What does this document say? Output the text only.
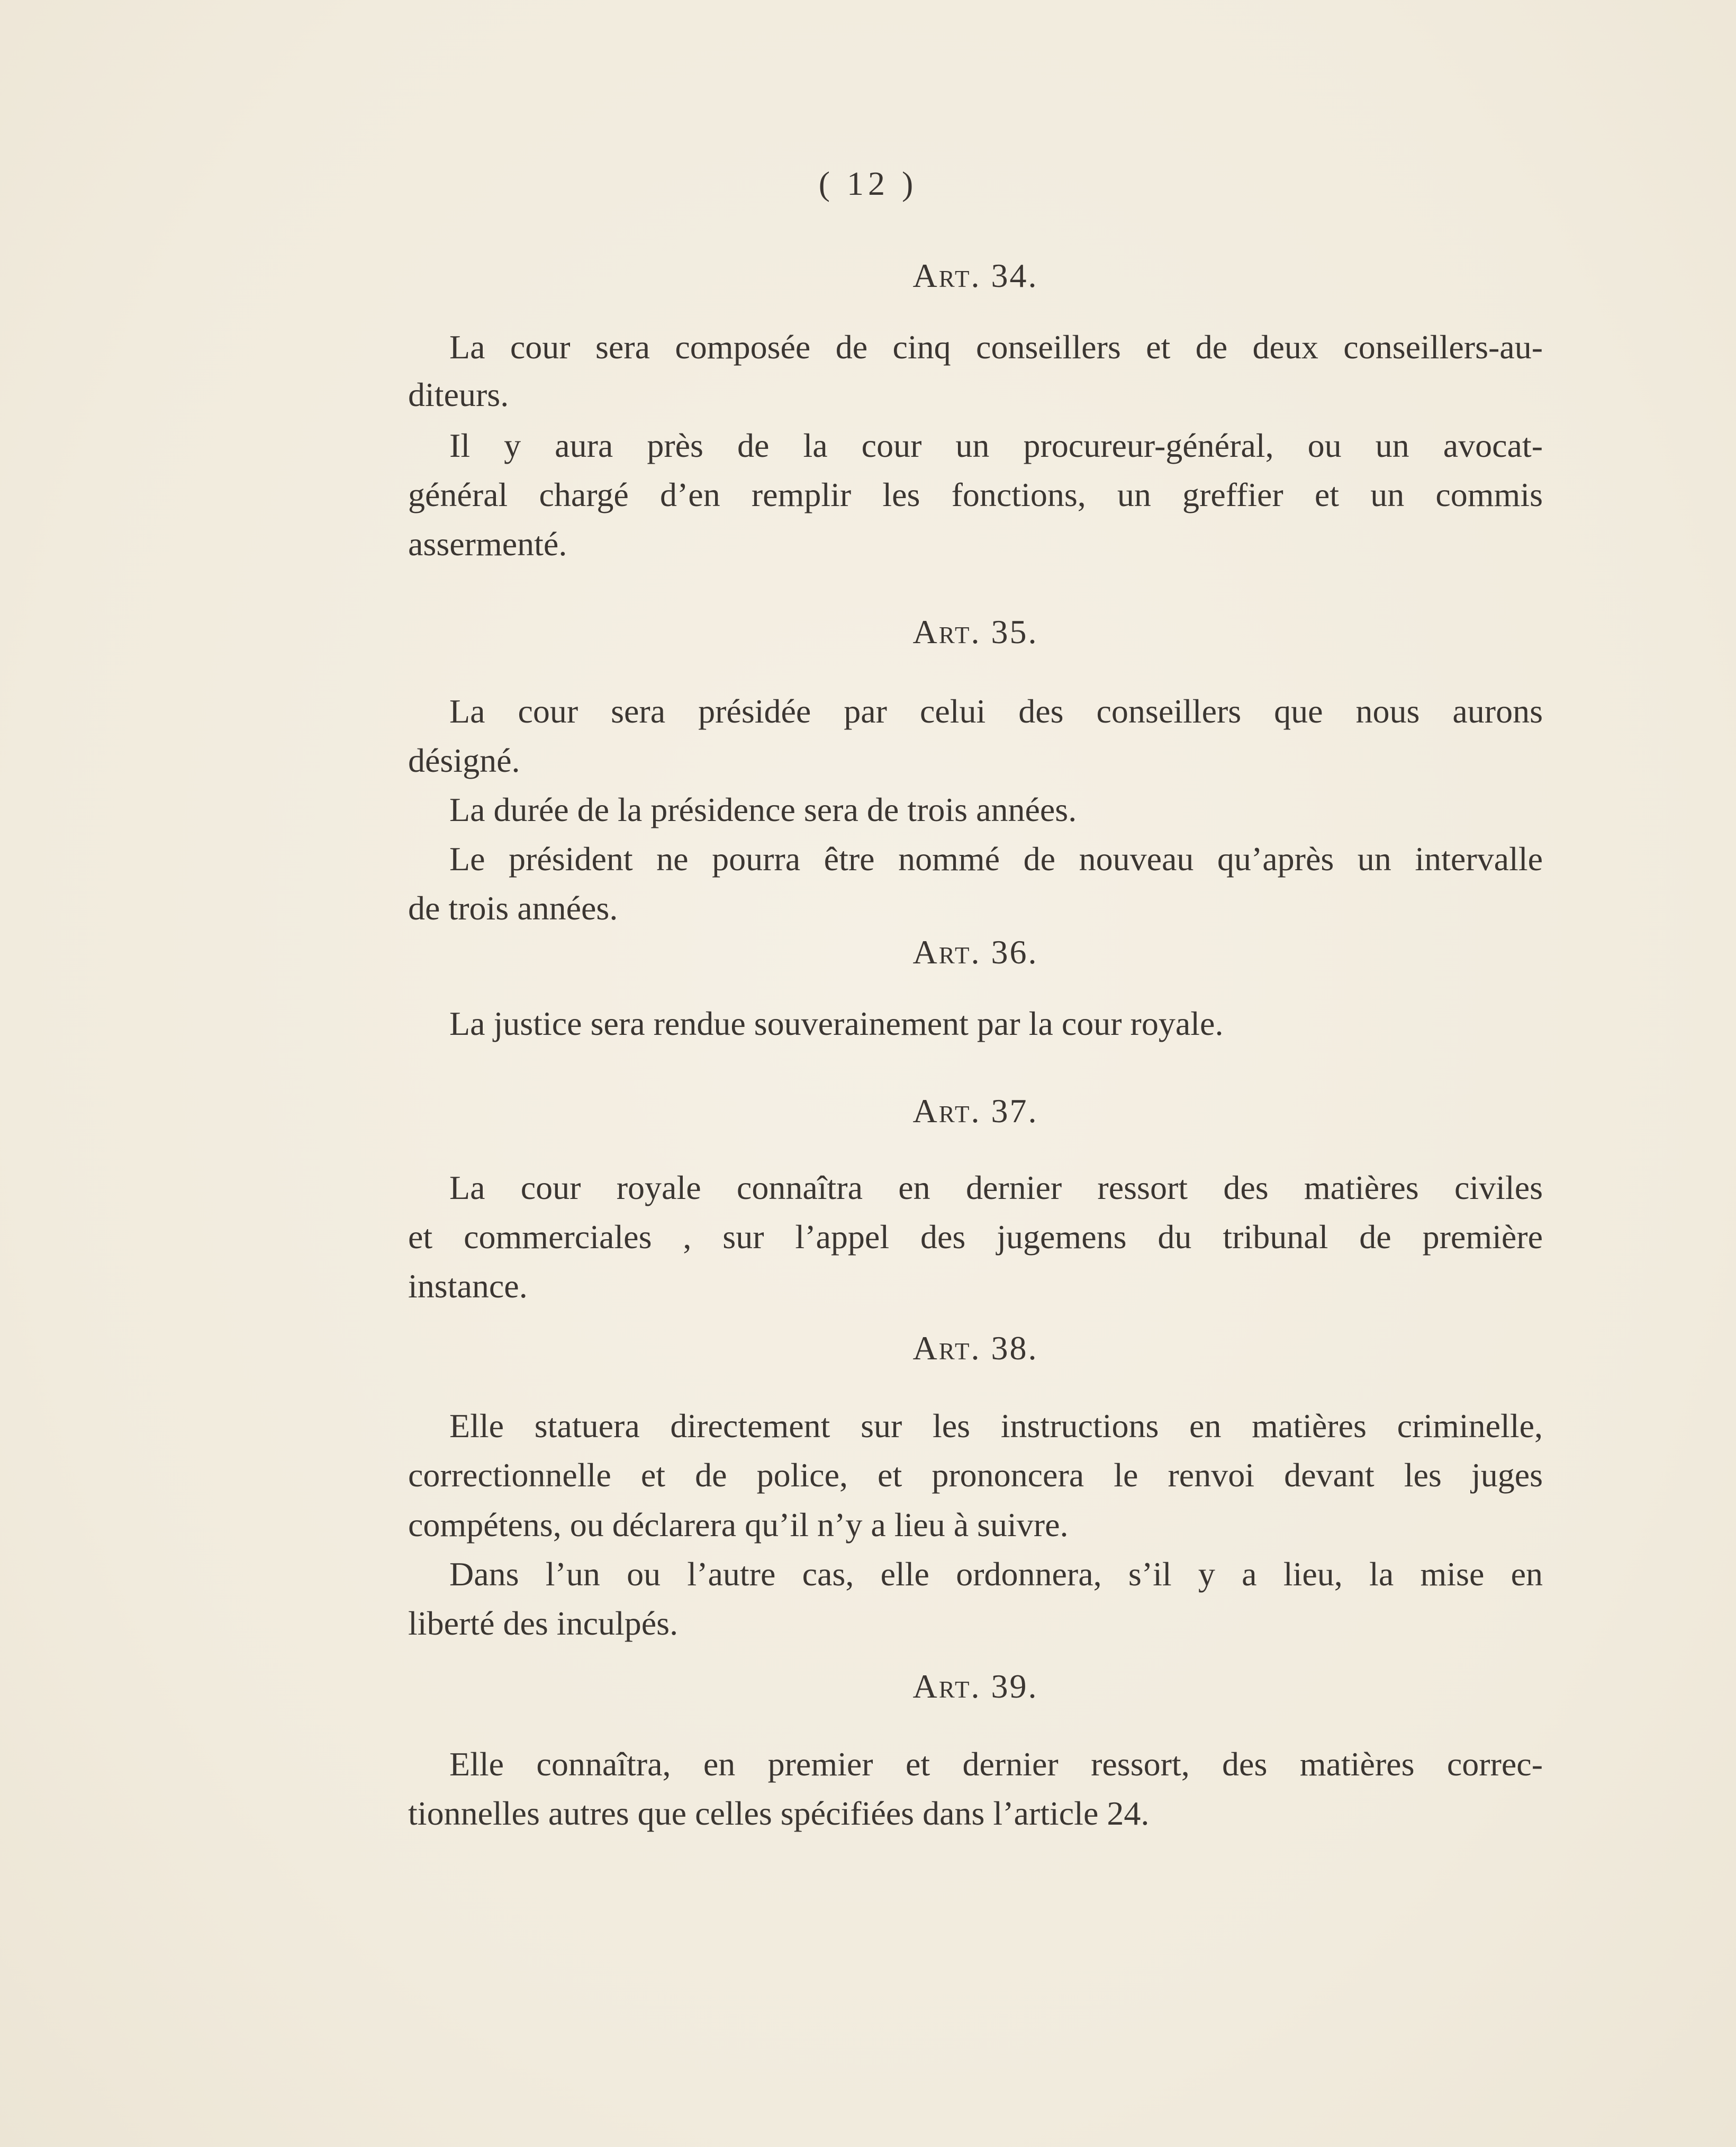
( 12 )
Art. 34.
La cour sera composée de cinq conseillers et de deux conseillers-au-
diteurs.
Il y aura près de la cour un procureur-général, ou un avocat-
général chargé d’en remplir les fonctions, un greffier et un commis
assermenté.
Art. 35.
La cour sera présidée par celui des conseillers que nous aurons
désigné.
La durée de la présidence sera de trois années.
Le président ne pourra être nommé de nouveau qu’après un intervalle
de trois années.
Art. 36.
La justice sera rendue souverainement par la cour royale.
Art. 37.
La cour royale connaîtra en dernier ressort des matières civiles
et commerciales , sur l’appel des jugemens du tribunal de première
instance.
Art. 38.
Elle statuera directement sur les instructions en matières criminelle,
correctionnelle et de police, et prononcera le renvoi devant les juges
compétens, ou déclarera qu’il n’y a lieu à suivre.
Dans l’un ou l’autre cas, elle ordonnera, s’il y a lieu, la mise en
liberté des inculpés.
Art. 39.
Elle connaîtra, en premier et dernier ressort, des matières correc-
tionnelles autres que celles spécifiées dans l’article 24.
